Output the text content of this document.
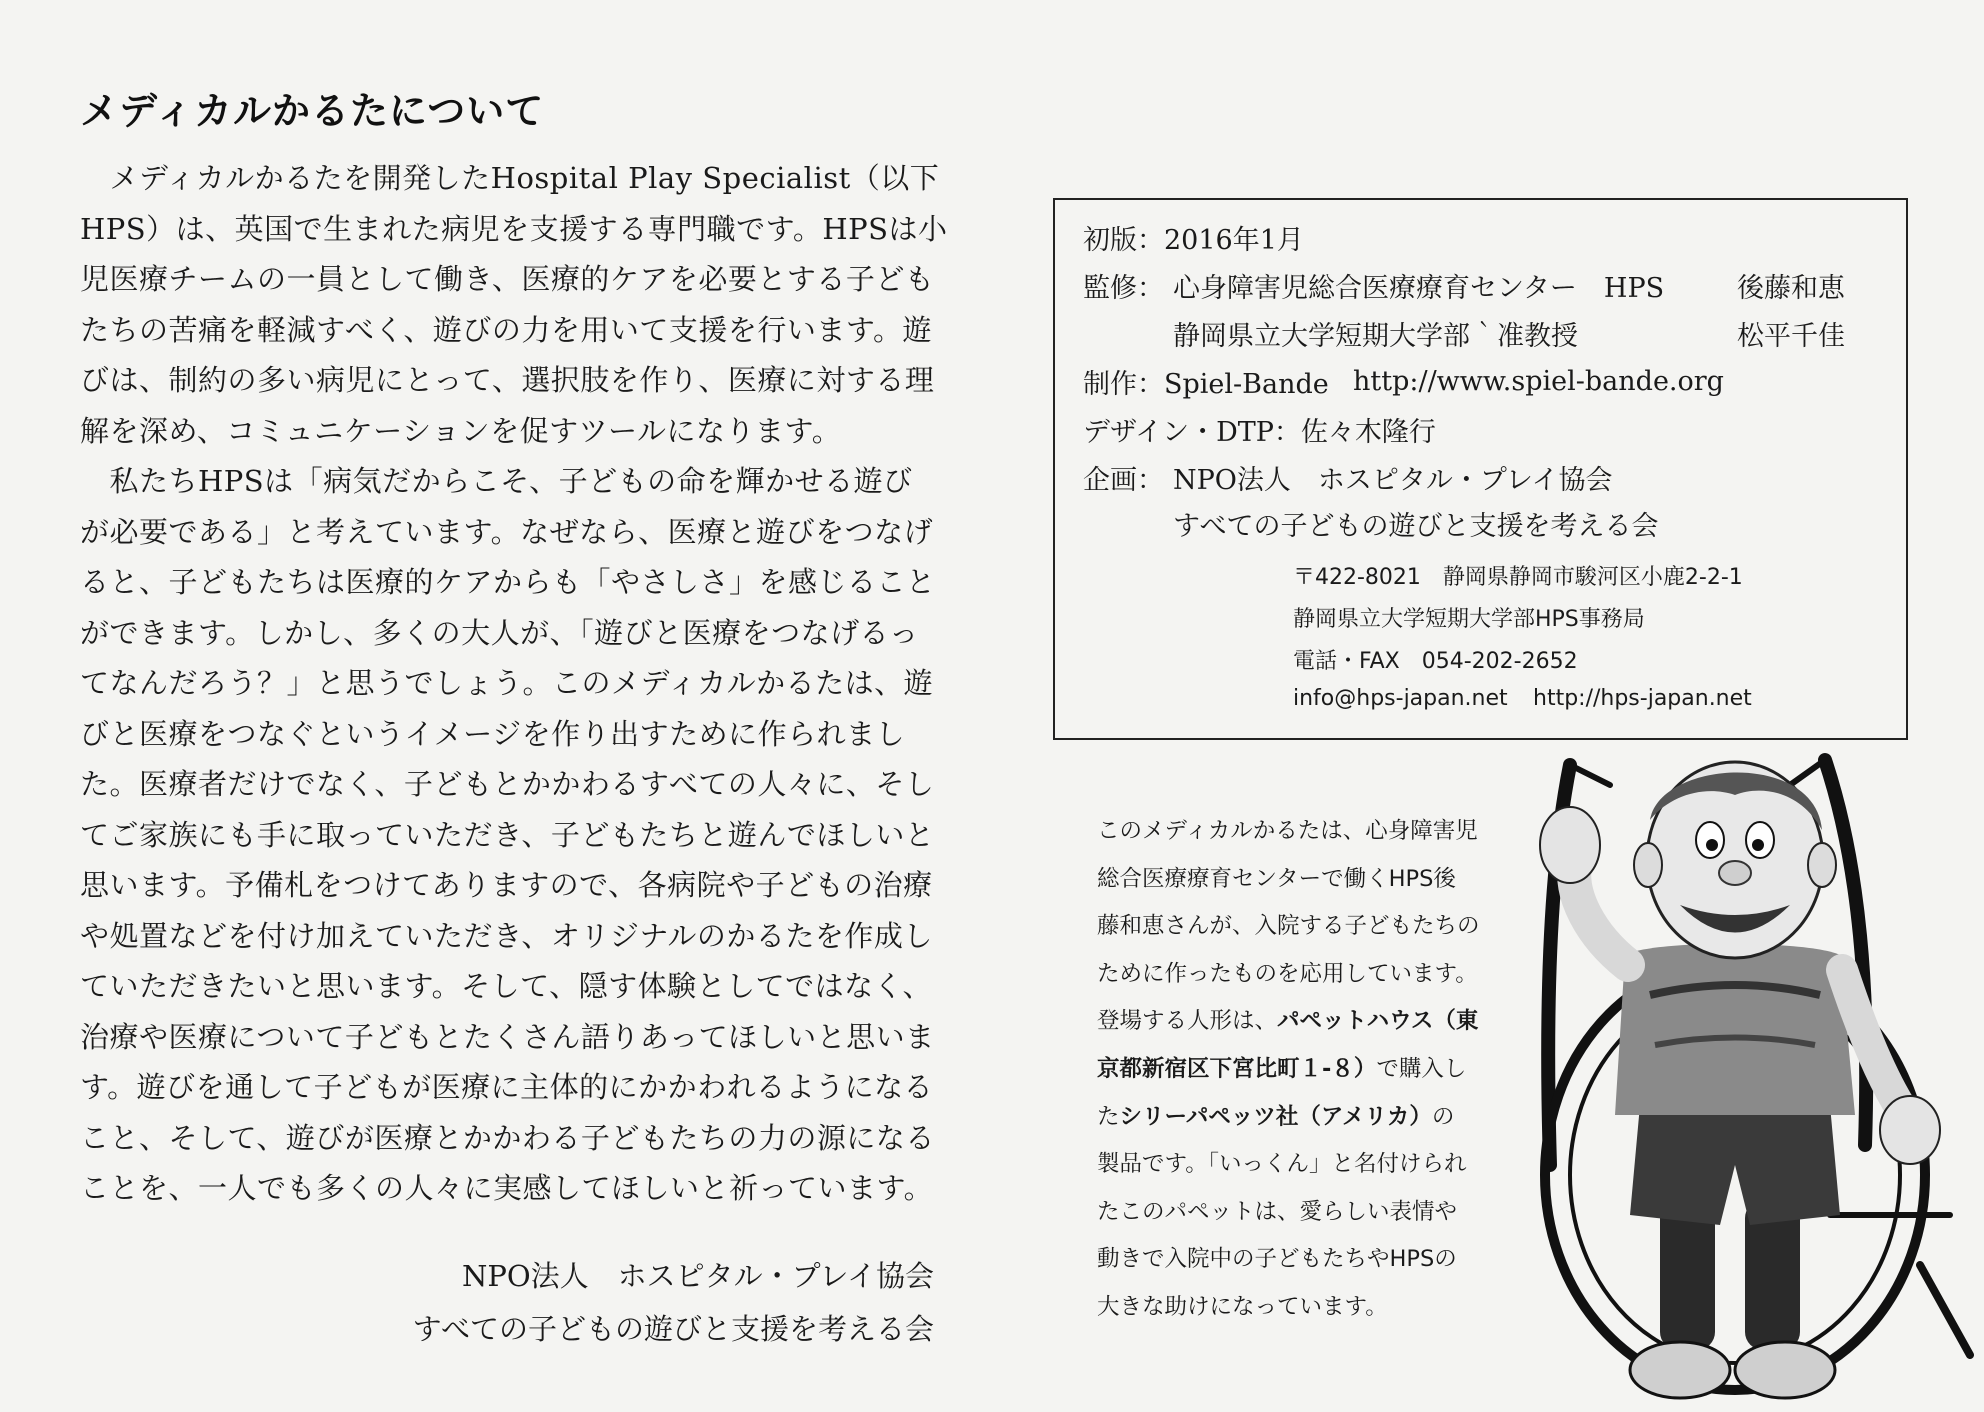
メディカルかるたについて
　メディカルかるたを開発したHospital Play Specialist（以下
HPS）は、英国で生まれた病児を支援する専門職です。HPSは小
児医療チームの一員として働き、医療的ケアを必要とする子ども
たちの苦痛を軽減すべく、遊びの力を用いて支援を行います。遊
びは、制約の多い病児にとって、選択肢を作り、医療に対する理
解を深め、コミュニケーションを促すツールになります。
　私たちHPSは「病気だからこそ、子どもの命を輝かせる遊び
が必要である」と考えています。なぜなら、医療と遊びをつなげ
ると、子どもたちは医療的ケアからも「やさしさ」を感じること
ができます。しかし、多くの大人が、「遊びと医療をつなげるっ
てなんだろう？」と思うでしょう。このメディカルかるたは、遊
びと医療をつなぐというイメージを作り出すために作られまし
た。医療者だけでなく、子どもとかかわるすべての人々に、そし
てご家族にも手に取っていただき、子どもたちと遊んでほしいと
思います。予備札をつけてありますので、各病院や子どもの治療
や処置などを付け加えていただき、オリジナルのかるたを作成し
ていただきたいと思います。そして、隠す体験としてではなく、
治療や医療について子どもとたくさん語りあってほしいと思いま
す。遊びを通して子どもが医療に主体的にかかわれるようになる
こと、そして、遊びが医療とかかわる子どもたちの力の源になる
ことを、一人でも多くの人々に実感してほしいと祈っています。
NPO法人　ホスピタル・プレイ協会
すべての子どもの遊びと支援を考える会
初版：2016年1月
監修： 心身障害児総合医療療育センター　HPS	後藤和恵
静岡県立大学短期大学部｀准教授	松平千佳
制作：Spiel-Bande http://www.spiel-bande.org
デザイン・DTP：佐々木隆行
企画： NPO法人　ホスピタル・プレイ協会
すべての子どもの遊びと支援を考える会
〒422-8021　静岡県静岡市駿河区小鹿2-2-1
静岡県立大学短期大学部HPS事務局
電話・FAX　054-202-2652
info@hps-japan.net http://hps-japan.net
このメディカルかるたは、心身障害児
総合医療療育センターで働くHPS後
藤和恵さんが、入院する子どもたちの
ために作ったものを応用しています。
登場する人形は、パペットハウス（東
京都新宿区下宮比町１-８）で購入し
たシリーパペッツ社（アメリカ）の
製品です。「いっくん」と名付けられ
たこのパペットは、愛らしい表情や
動きで入院中の子どもたちやHPSの
大きな助けになっています。
